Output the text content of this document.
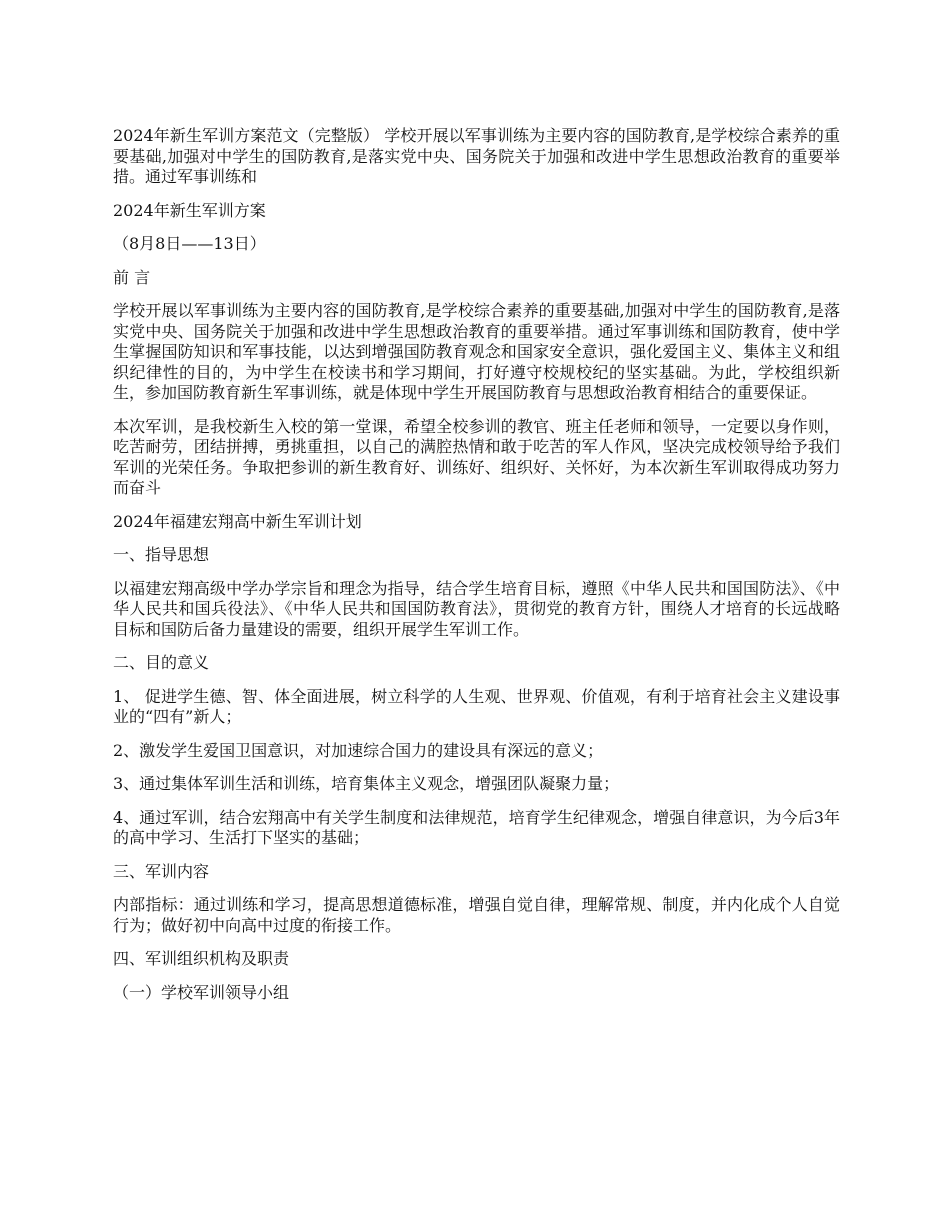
2024年新生军训方案范文（完整版） 学校开展以军事训练为主要内容的国防教育,是学校综合素养的重要基础,加强对中学生的国防教育,是落实党中央、国务院关于加强和改进中学生思想政治教育的重要举措。通过军事训练和

2024年新生军训方案

（8月8日——13日）

前 言

学校开展以军事训练为主要内容的国防教育,是学校综合素养的重要基础,加强对中学生的国防教育,是落实党中央、国务院关于加强和改进中学生思想政治教育的重要举措。通过军事训练和国防教育，使中学生掌握国防知识和军事技能，以达到增强国防教育观念和国家安全意识，强化爱国主义、集体主义和组织纪律性的目的，为中学生在校读书和学习期间，打好遵守校规校纪的坚实基础。为此，学校组织新生，参加国防教育新生军事训练，就是体现中学生开展国防教育与思想政治教育相结合的重要保证。

本次军训，是我校新生入校的第一堂课，希望全校参训的教官、班主任老师和领导，一定要以身作则，吃苦耐劳，团结拼搏，勇挑重担，以自己的满腔热情和敢于吃苦的军人作风，坚决完成校领导给予我们军训的光荣任务。争取把参训的新生教育好、训练好、组织好、关怀好，为本次新生军训取得成功努力而奋斗

2024年福建宏翔高中新生军训计划

一、指导思想

以福建宏翔高级中学办学宗旨和理念为指导，结合学生培育目标，遵照《中华人民共和国国防法》、《中华人民共和国兵役法》、《中华人民共和国国防教育法》，贯彻党的教育方针，围绕人才培育的长远战略目标和国防后备力量建设的需要，组织开展学生军训工作。

二、目的意义

1、 促进学生德、智、体全面进展，树立科学的人生观、世界观、价值观，有利于培育社会主义建设事业的“四有”新人；

2、激发学生爱国卫国意识，对加速综合国力的建设具有深远的意义；

3、通过集体军训生活和训练，培育集体主义观念，增强团队凝聚力量；

4、通过军训，结合宏翔高中有关学生制度和法律规范，培育学生纪律观念，增强自律意识，为今后3年的高中学习、生活打下坚实的基础；

三、军训内容

内部指标：通过训练和学习，提高思想道德标准，增强自觉自律，理解常规、制度，并内化成个人自觉行为；做好初中向高中过度的衔接工作。

四、军训组织机构及职责

（一）学校军训领导小组
